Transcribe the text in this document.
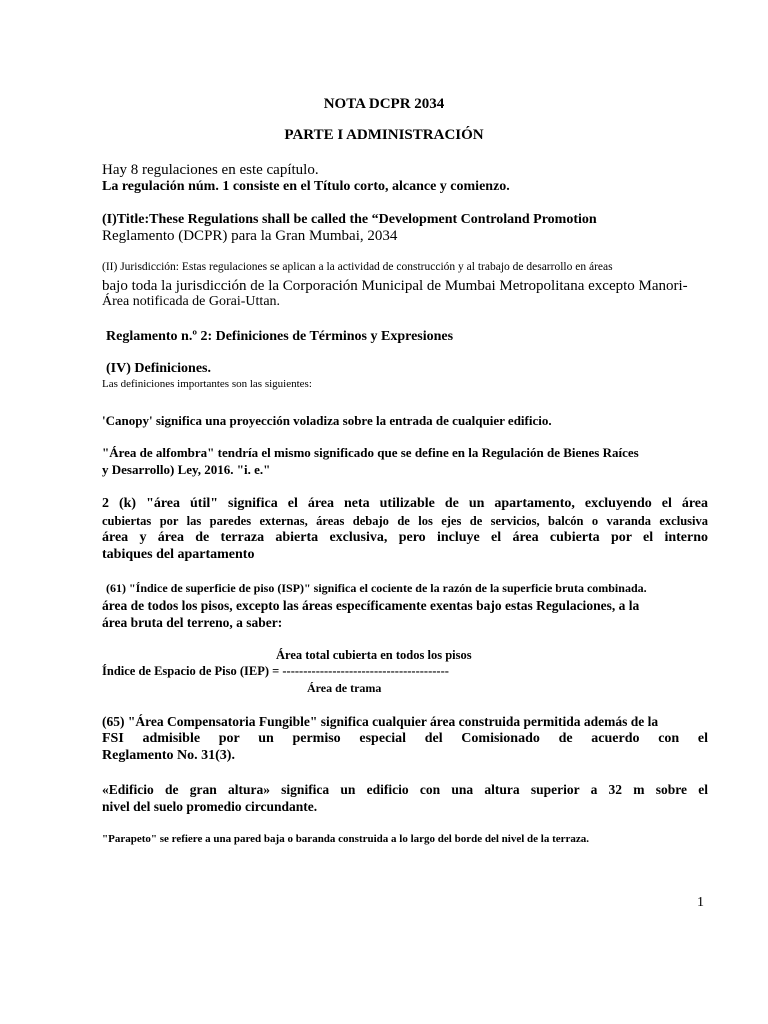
NOTA DCPR 2034
PARTE I ADMINISTRACIÓN
Hay 8 regulaciones en este capítulo.
La regulación núm. 1 consiste en el Título corto, alcance y comienzo.
(I)Title:These Regulations shall be called the “Development Controland Promotion
Reglamento (DCPR) para la Gran Mumbai, 2034
(II) Jurisdicción: Estas regulaciones se aplican a la actividad de construcción y al trabajo de desarrollo en áreas
bajo toda la jurisdicción de la Corporación Municipal de Mumbai Metropolitana excepto Manori-
Área notificada de Gorai-Uttan.
Reglamento n.º 2: Definiciones de Términos y Expresiones
(IV) Definiciones.
Las definiciones importantes son las siguientes:
'Canopy' significa una proyección voladiza sobre la entrada de cualquier edificio.
"Área de alfombra" tendría el mismo significado que se define en la Regulación de Bienes Raíces
y Desarrollo) Ley, 2016. "i. e."
2 (k) "área útil" significa el área neta utilizable de un apartamento, excluyendo el área
cubiertas por las paredes externas, áreas debajo de los ejes de servicios, balcón o varanda exclusiva
área y área de terraza abierta exclusiva, pero incluye el área cubierta por el interno
tabiques del apartamento
(61) "Índice de superficie de piso (ISP)" significa el cociente de la razón de la superficie bruta combinada.
área de todos los pisos, excepto las áreas específicamente exentas bajo estas Regulaciones, a la
área bruta del terreno, a saber:
Área total cubierta en todos los pisos
Índice de Espacio de Piso (IEP) = ----------------------------------------
Área de trama
(65) "Área Compensatoria Fungible" significa cualquier área construida permitida además de la
FSI admisible por un permiso especial del Comisionado de acuerdo con el
Reglamento No. 31(3).
«Edificio de gran altura» significa un edificio con una altura superior a 32 m sobre el
nivel del suelo promedio circundante.
"Parapeto" se refiere a una pared baja o baranda construida a lo largo del borde del nivel de la terraza.
1
